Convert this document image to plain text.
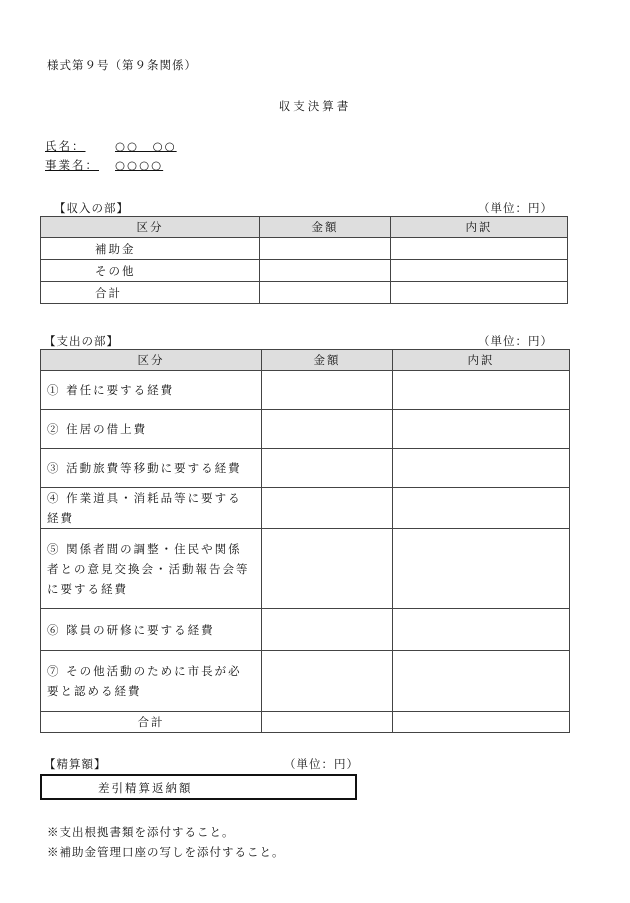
様式第９号（第９条関係）
収支決算書
氏名：	○○　○○
事業名：	○○○○
【収入の部】	（単位：円）
区分	金額	内訳
補助金		
その他		
合計		
【支出の部】	（単位：円）
区分	金額	内訳
① 着任に要する経費		
② 住居の借上費		
③ 活動旅費等移動に要する経費		
④ 作業道具・消耗品等に要する経費		
⑤ 関係者間の調整・住民や関係者との意見交換会・活動報告会等に要する経費		
⑥ 隊員の研修に要する経費		
⑦ その他活動のために市長が必要と認める経費		
合計		
【精算額】	（単位：円）
差引精算返納額
※支出根拠書類を添付すること。
※補助金管理口座の写しを添付すること。
